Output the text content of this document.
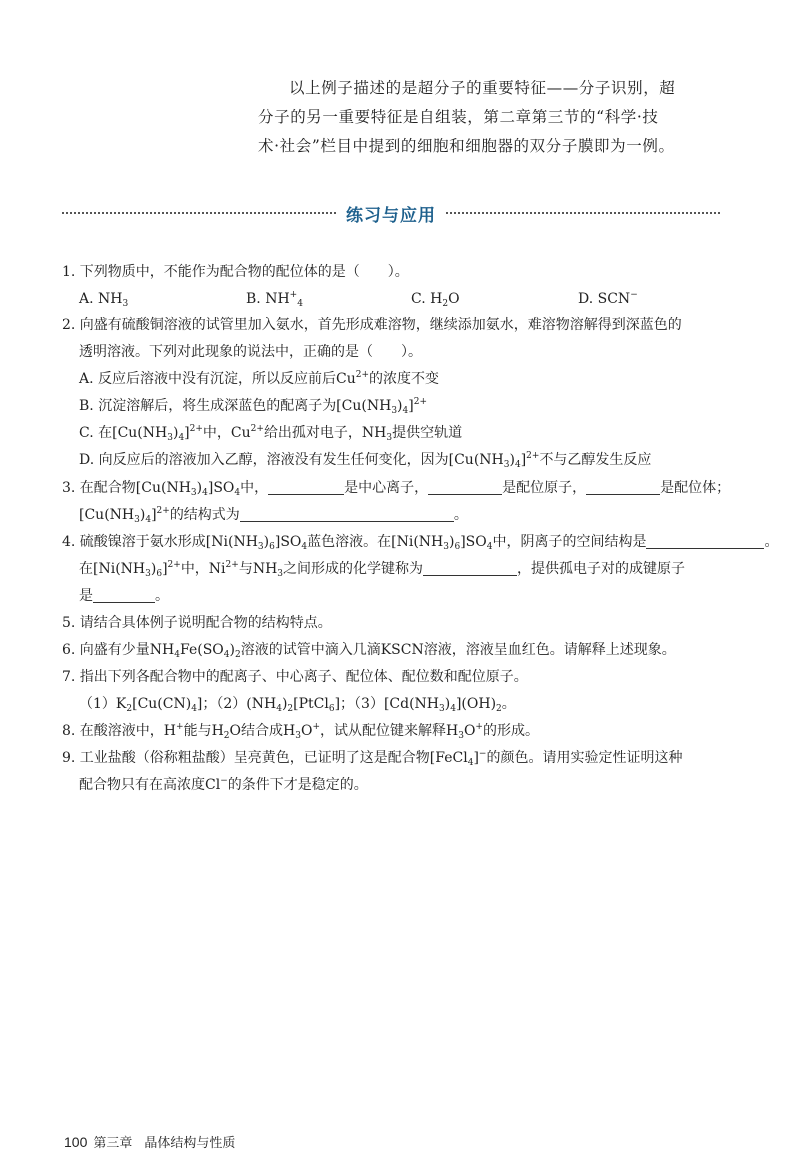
以上例子描述的是超分子的重要特征——分子识别，超
分子的另一重要特征是自组装，第二章第三节的“科学·技
术·社会”栏目中提到的细胞和细胞器的双分子膜即为一例。

练习与应用

1. 下列物质中，不能作为配合物的配位体的是（　　）。

A. $NH_3$	B. $NH^+_4$	C. $H_2O$	D. SCN−

2. 向盛有硫酸铜溶液的试管里加入氨水，首先形成难溶物，继续添加氨水，难溶物溶解得到深蓝色的

透明溶液。下列对此现象的说法中，正确的是（　　）。

A. 反应后溶液中没有沉淀，所以反应前后$Cu^{2+}$的浓度不变
B. 沉淀溶解后，将生成深蓝色的配离子为$[Cu(NH_3)_4]^{2+}$
C. 在$[Cu(NH_3)_4]^{2+}$中，$Cu^{2+}$给出孤对电子，$NH_3$提供空轨道
D. 向反应后的溶液加入乙醇，溶液没有发生任何变化，因为$[Cu(NH_3)_4]^{2+}$不与乙醇发生反应
3. 在配合物$[Cu(NH_3)_4]SO_4$中，	是中心离子，	是配位原子，	是配位体；
$[Cu(NH_3)_4]^{2+}$的结构式为	。
4. 硫酸镍溶于氨水形成$[Ni(NH_3)_6]SO_4$蓝色溶液。在$[Ni(NH_3)_6]SO_4$中，阴离子的空间结构是	。
在$[Ni(NH_3)_6]^{2+}$中，$Ni^{2+}$与$NH_3$之间形成的化学键称为	，提供孤电子对的成键原子
是	。

5. 请结合具体例子说明配合物的结构特点。

6. 向盛有少量$NH_4Fe(SO_4)_2$溶液的试管中滴入几滴KSCN溶液，溶液呈血红色。请解释上述现象。

7. 指出下列各配合物中的配离子、中心离子、配位体、配位数和配位原子。

$(1)K_2[Cu(CN)_4]$；$(2)(NH_4)_2[PtCl_6]$；$(3)[Cd(NH_3)_4](OH)_2$。
8. 在酸溶液中，H+能与$H_2O$结合成$H_3O^+$，试从配位键来解释$H_3O^+$的形成。
9. 工业盐酸（俗称粗盐酸）呈亮黄色，已证明了这是配合物[FeCl$_4$]−的颜色。请用实验定性证明这种
配合物只有在高浓度Cl−的条件下才是稳定的。
100 第三章 晶体结构与性质
